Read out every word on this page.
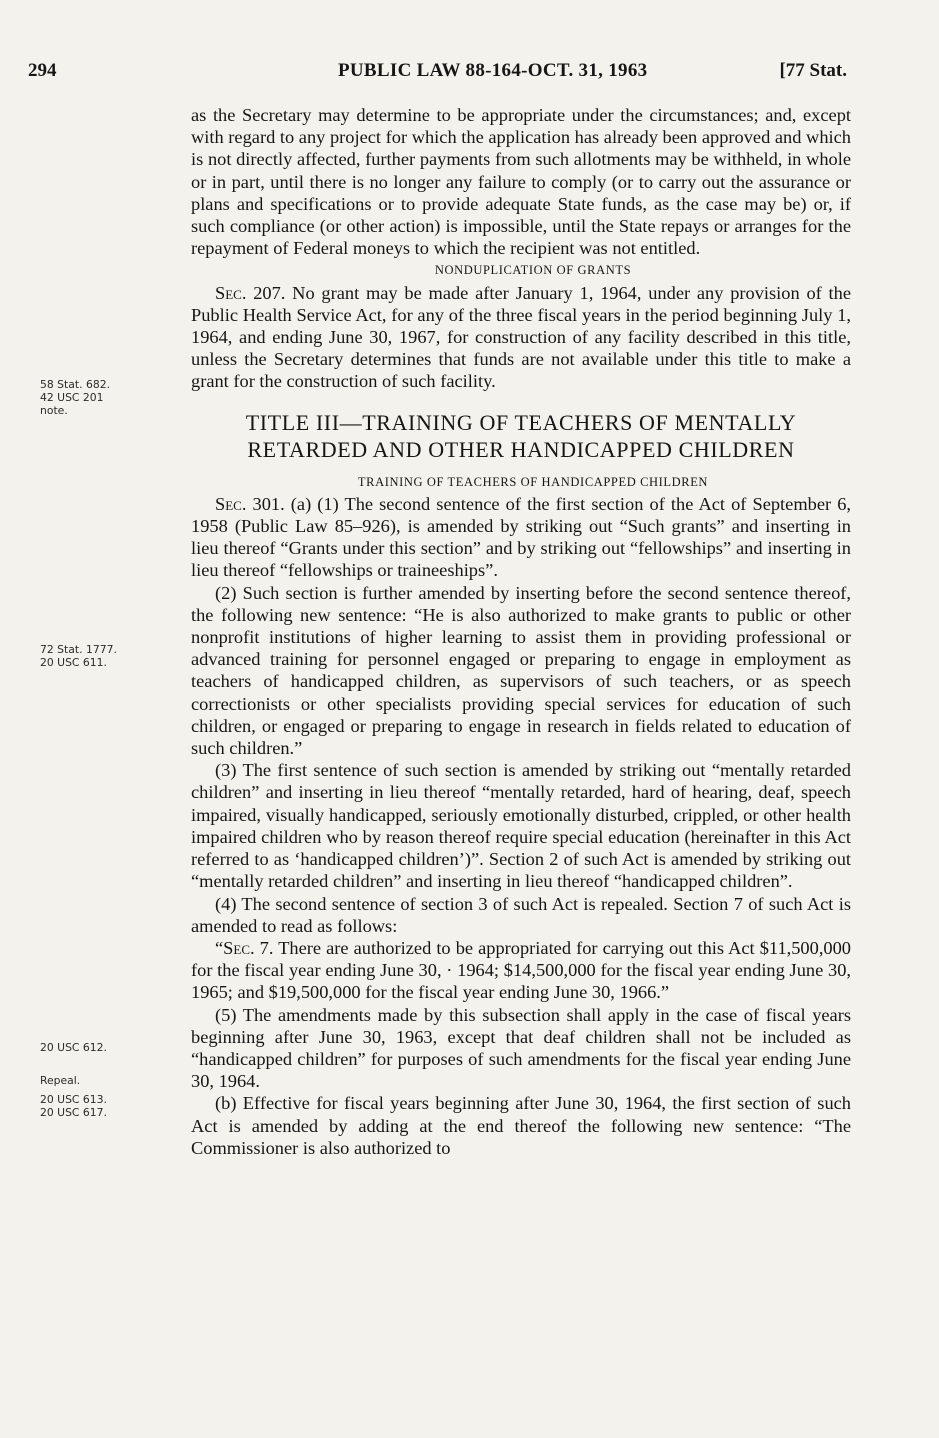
294	PUBLIC LAW 88-164-OCT. 31, 1963	[77 Stat.
58 Stat. 682.
42 USC 201
note.
72 Stat. 1777.
20 USC 611.
20 USC 612.
Repeal.
20 USC 613.
20 USC 617.

as the Secretary may determine to be appropriate under the circumstances; and, except with regard to any project for which the application has already been approved and which is not directly affected, further payments from such allotments may be withheld, in whole or in part, until there is no longer any failure to comply (or to carry out the assurance or plans and specifications or to provide adequate State funds, as the case may be) or, if such compliance (or other action) is impossible, until the State repays or arranges for the repayment of Federal moneys to which the recipient was not entitled.

NONDUPLICATION OF GRANTS

Sec. 207. No grant may be made after January 1, 1964, under any provision of the Public Health Service Act, for any of the three fiscal years in the period beginning July 1, 1964, and ending June 30, 1967, for construction of any facility described in this title, unless the Secretary determines that funds are not available under this title to make a grant for the construction of such facility.

TITLE III—TRAINING OF TEACHERS OF MENTALLY
RETARDED AND OTHER HANDICAPPED CHILDREN

TRAINING OF TEACHERS OF HANDICAPPED CHILDREN

Sec. 301. (a) (1) The second sentence of the first section of the Act of September 6, 1958 (Public Law 85–926), is amended by striking out “Such grants” and inserting in lieu thereof “Grants under this section” and by striking out “fellowships” and inserting in lieu thereof “fellowships or traineeships”.

(2) Such section is further amended by inserting before the second sentence thereof, the following new sentence: “He is also authorized to make grants to public or other nonprofit institutions of higher learning to assist them in providing professional or advanced training for personnel engaged or preparing to engage in employment as teachers of handicapped children, as supervisors of such teachers, or as speech correctionists or other specialists providing special services for education of such children, or engaged or preparing to engage in research in fields related to education of such children.”

(3) The first sentence of such section is amended by striking out “mentally retarded children” and inserting in lieu thereof “mentally retarded, hard of hearing, deaf, speech impaired, visually handicapped, seriously emotionally disturbed, crippled, or other health impaired children who by reason thereof require special education (hereinafter in this Act referred to as ‘handicapped children’)”. Section 2 of such Act is amended by striking out “mentally retarded children” and inserting in lieu thereof “handicapped children”.

(4) The second sentence of section 3 of such Act is repealed. Section 7 of such Act is amended to read as follows:

“Sec. 7. There are authorized to be appropriated for carrying out this Act $11,500,000 for the fiscal year ending June 30, · 1964; $14,500,000 for the fiscal year ending June 30, 1965; and $19,500,000 for the fiscal year ending June 30, 1966.”

(5) The amendments made by this subsection shall apply in the case of fiscal years beginning after June 30, 1963, except that deaf children shall not be included as “handicapped children” for purposes of such amendments for the fiscal year ending June 30, 1964.

(b) Effective for fiscal years beginning after June 30, 1964, the first section of such Act is amended by adding at the end thereof the following new sentence: “The Commissioner is also authorized to
